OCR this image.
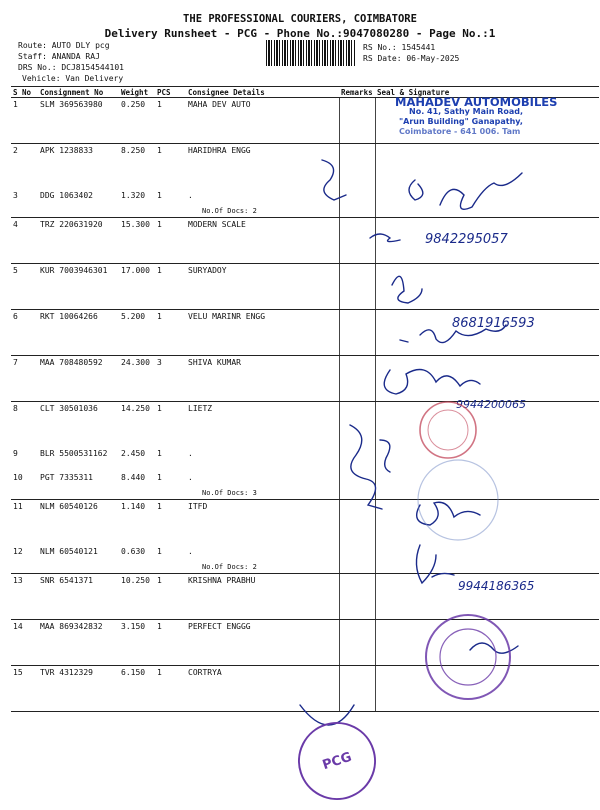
THE PROFESSIONAL COURIERS, COIMBATORE
Delivery Runsheet - PCG - Phone No.:9047080280 - Page No.:1
Route: AUTO DLY pcg
Staff: ANANDA RAJ
DRS No.: DCJ8154544101
Vehicle: Van Delivery
RS No.: 1545441
RS Date: 06-May-2025
S No	Consignment No	Weight	PCS	Consignee Details	Remarks	Seal & Signature
1	SLM 369563980	0.250	1	MAHA DEV AUTO		
2	APK 1238833	8.250	1	HARIDHRA ENGG		
3	DDG 1063402	1.320	1	.
No.Of Docs: 2		

4	TRZ 220631920	15.300	1	MODERN SCALE		
5	KUR 7003946301	17.000	1	SURYADOY		
6	RKT 10064266	5.200	1	VELU MARINR ENGG		
7	MAA 708480592	24.300	3	SHIVA KUMAR		
8	CLT 30501036	14.250	1	LIETZ		
9	BLR 5500531162	2.450	1	.		
10	PGT 7335311	8.440	1	.
No.Of Docs: 3		

11	NLM 60540126	1.140	1	ITFD		
12	NLM 60540121	0.630	1	.
No.Of Docs: 2		

13	SNR 6541371	10.250	1	KRISHNA PRABHU		
14	MAA 869342832	3.150	1	PERFECT ENGGG		
15	TVR 4312329	6.150	1	CORTRYA		
MAHADEV AUTOMOBILES
No. 41, Sathy Main Road,
"Arun Building" Ganapathy,
Coimbatore - 641 006. Tam
9842295057
8681916593
9944200065
9944186365
PCG
